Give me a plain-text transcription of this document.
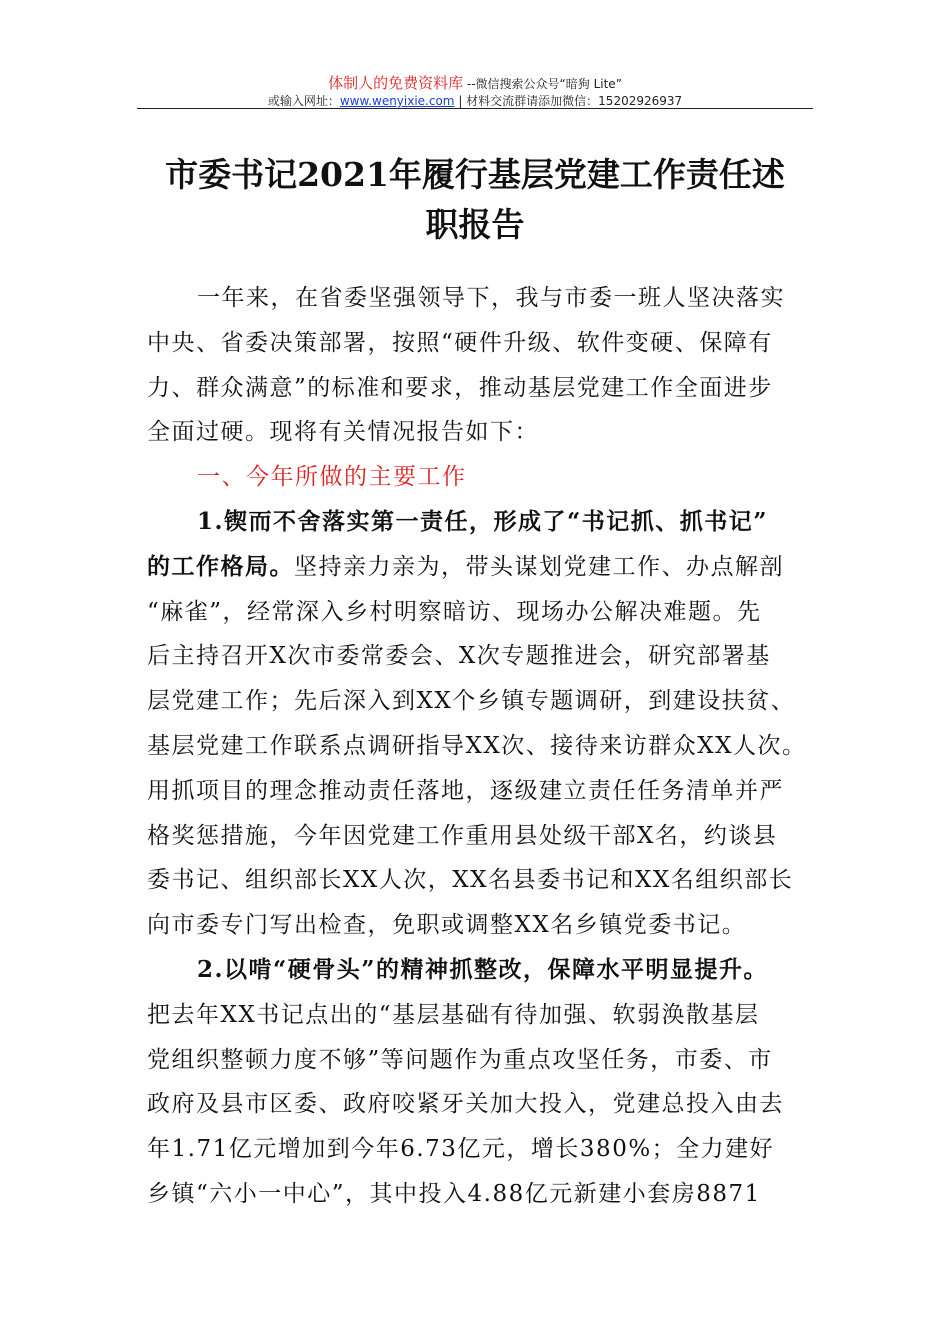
体制人的免费资料库 --微信搜索公众号“暗狗 Lite”
或输入网址：www.wenyixie.com | 材料交流群请添加微信：15202926937
市委书记2021年履行基层党建工作责任述
职报告
一年来，在省委坚强领导下，我与市委一班人坚决落实
中央、省委决策部署，按照“硬件升级、软件变硬、保障有
力、群众满意”的标准和要求，推动基层党建工作全面进步
全面过硬。现将有关情况报告如下：
一、今年所做的主要工作
1.锲而不舍落实第一责任，形成了“书记抓、抓书记”
的工作格局。坚持亲力亲为，带头谋划党建工作、办点解剖
“麻雀”，经常深入乡村明察暗访、现场办公解决难题。先
后主持召开X次市委常委会、X次专题推进会，研究部署基
层党建工作；先后深入到XX个乡镇专题调研，到建设扶贫、
基层党建工作联系点调研指导XX次、接待来访群众XX人次。
用抓项目的理念推动责任落地，逐级建立责任任务清单并严
格奖惩措施，今年因党建工作重用县处级干部X名，约谈县
委书记、组织部长XX人次，XX名县委书记和XX名组织部长
向市委专门写出检查，免职或调整XX名乡镇党委书记。
2.以啃“硬骨头”的精神抓整改，保障水平明显提升。
把去年XX书记点出的“基层基础有待加强、软弱涣散基层
党组织整顿力度不够”等问题作为重点攻坚任务，市委、市
政府及县市区委、政府咬紧牙关加大投入，党建总投入由去
年1.71亿元增加到今年6.73亿元，增长380%；全力建好
乡镇“六小一中心”，其中投入4.88亿元新建小套房8871
